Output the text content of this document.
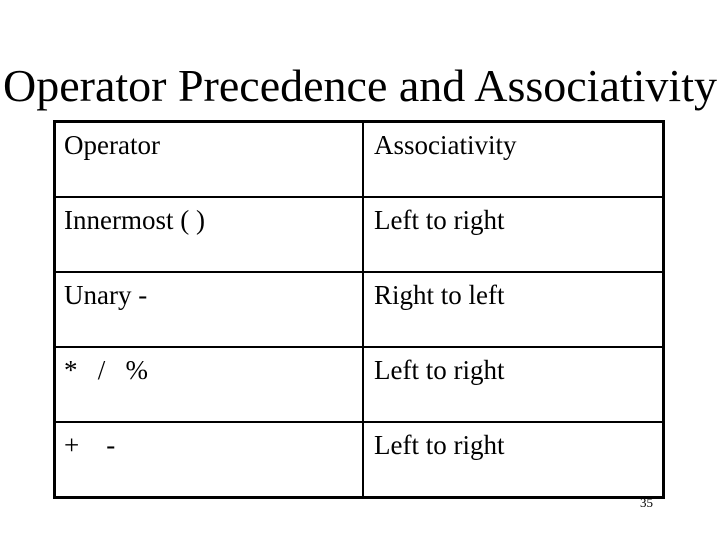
Operator Precedence and Associativity
Operator	Associativity
Innermost ( )	Left to right
Unary -	Right to left
*   /   %	Left to right
+    -	Left to right
35
